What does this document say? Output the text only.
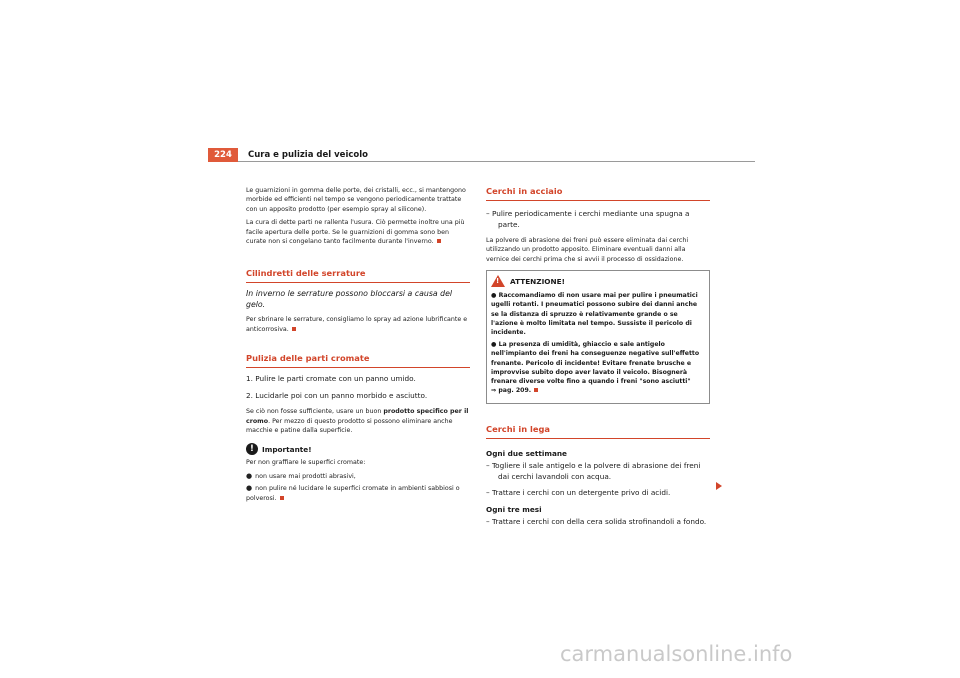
224	Cura e pulizia del veicolo

Le guarnizioni in gomma delle porte, dei cristalli, ecc., si mantengono morbide ed efficienti nel tempo se vengono periodicamente trattate con un apposito prodotto (per esempio spray al silicone).

La cura di dette parti ne rallenta l'usura. Ciò permette inoltre una più facile apertura delle porte. Se le guarnizioni di gomma sono ben curate non si congelano tanto facilmente durante l'inverno.

Cilindretti delle serrature
In inverno le serrature possono bloccarsi a causa del gelo.

Per sbrinare le serrature, consigliamo lo spray ad azione lubrificante e anticorrosiva.

Pulizia delle parti cromate
1. Pulire le parti cromate con un panno umido.
2. Lucidarle poi con un panno morbido e asciutto.

Se ciò non fosse sufficiente, usare un buon prodotto specifico per il cromo. Per mezzo di questo prodotto si possono eliminare anche macchie e patine dalla superficie.

!	Importante!

Per non graffiare le superfici cromate:

● non usare mai prodotti abrasivi,
● non pulire né lucidare le superfici cromate in ambienti sabbiosi o polverosi.
Cerchi in acciaio
– Pulire periodicamente i cerchi mediante una spugna a parte.

La polvere di abrasione dei freni può essere eliminata dai cerchi utilizzando un prodotto apposito. Eliminare eventuali danni alla vernice dei cerchi prima che si avvii il processo di ossidazione.

! ATTENZIONE!
● Raccomandiamo di non usare mai per pulire i pneumatici ugelli rotanti. I pneumatici possono subire dei danni anche se la distanza di spruzzo è relativamente grande o se l'azione è molto limitata nel tempo. Sussiste il pericolo di incidente.
● La presenza di umidità, ghiaccio e sale antigelo nell'impianto dei freni ha conseguenze negative sull'effetto frenante. Pericolo di incidente! Evitare frenate brusche e improvvise subito dopo aver lavato il veicolo. Bisognerà frenare diverse volte fino a quando i freni "sono asciutti"
⇒ pag. 209.
Cerchi in lega
Ogni due settimane
– Togliere il sale antigelo e la polvere di abrasione dei freni dai cerchi lavandoli con acqua.
– Trattare i cerchi con un detergente privo di acidi.
Ogni tre mesi
– Trattare i cerchi con della cera solida strofinandoli a fondo.
carmanualsonline.info
